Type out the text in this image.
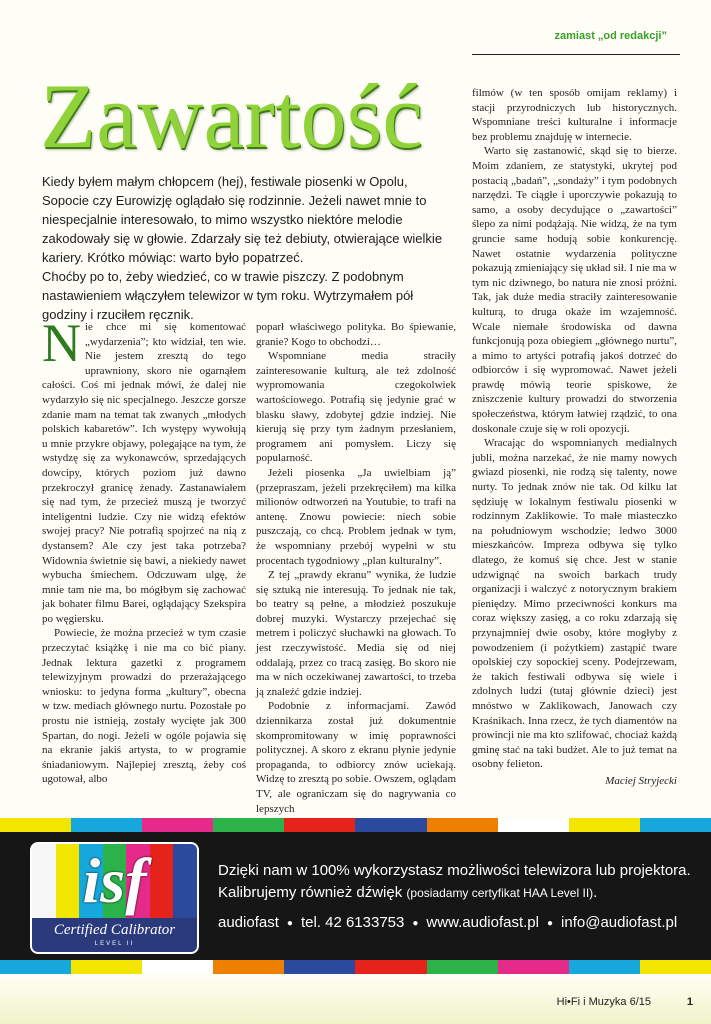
zamiast „od redakcji”
Zawartość

Kiedy byłem małym chłopcem (hej), festiwale piosenki w Opolu, Sopocie czy Eurowizję oglądało się rodzinnie. Jeżeli nawet mnie to niespecjalnie interesowało, to mimo wszystko niektóre melodie zakodowały się w głowie. Zdarzały się też debiuty, otwierające wielkie kariery. Krótko mówiąc: warto było popatrzeć.

Choćby po to, żeby wiedzieć, co w trawie piszczy. Z podobnym nastawieniem włączyłem telewizor w tym roku. Wytrzymałem pół godziny i rzuciłem ręcznik.

Nie chce mi się komentować „wydarzenia”; kto widział, ten wie. Nie jestem zresztą do tego uprawniony, skoro nie ogarnąłem całości. Coś mi jednak mówi, że dalej nie wydarzyło się nic specjalnego. Jeszcze gorsze zdanie mam na temat tak zwanych „młodych polskich kabaretów”. Ich występy wywołują u mnie przykre objawy, polegające na tym, że wstydzę się za wykonawców, sprzedających dowcipy, których poziom już dawno przekroczył granicę żenady. Zastanawiałem się nad tym, że przecież muszą je tworzyć inteligentni ludzie. Czy nie widzą efektów swojej pracy? Nie potrafią spojrzeć na nią z dystansem? Ale czy jest taka potrzeba? Widownia świetnie się bawi, a niekiedy nawet wybucha śmiechem. Odczuwam ulgę, że mnie tam nie ma, bo mógłbym się zachować jak bohater filmu Barei, oglądający Szekspira po węgiersku.

Powiecie, że można przecież w tym czasie przeczytać książkę i nie ma co bić piany. Jednak lektura gazetki z programem telewizyjnym prowadzi do przerażającego wniosku: to jedyna forma „kultury”, obecna w tzw. mediach głównego nurtu. Pozostałe po prostu nie istnieją, zostały wycięte jak 300 Spartan, do nogi. Jeżeli w ogóle pojawia się na ekranie jakiś artysta, to w programie śniadaniowym. Najlepiej zresztą, żeby coś ugotował, albo

poparł właściwego polityka. Bo śpiewanie, granie? Kogo to obchodzi…

Wspomniane media straciły zainteresowanie kulturą, ale też zdolność wypromowania czegokolwiek wartościowego. Potrafią się jedynie grać w blasku sławy, zdobytej gdzie indziej. Nie kierują się przy tym żadnym przesłaniem, programem ani pomysłem. Liczy się popularność.

Jeżeli piosenka „Ja uwielbiam ją” (przepraszam, jeżeli przekręciłem) ma kilka milionów odtworzeń na Youtubie, to trafi na antenę. Znowu powiecie: niech sobie puszczają, co chcą. Problem jednak w tym, że wspomniany przebój wypełni w stu procentach tygodniowy „plan kulturalny”.

Z tej „prawdy ekranu” wynika, że ludzie się sztuką nie interesują. To jednak nie tak, bo teatry są pełne, a młodzież poszukuje dobrej muzyki. Wystarczy przejechać się metrem i policzyć słuchawki na głowach. To jest rzeczywistość. Media się od niej oddalają, przez co tracą zasięg. Bo skoro nie ma w nich oczekiwanej zawartości, to trzeba ją znaleźć gdzie indziej.

Podobnie z informacjami. Zawód dziennikarza został już dokumentnie skompromitowany w imię poprawności politycznej. A skoro z ekranu płynie jedynie propaganda, to odbiorcy znów uciekają. Widzę to zresztą po sobie. Owszem, oglądam TV, ale ograniczam się do nagrywania co lepszych

filmów (w ten sposób omijam reklamy) i stacji przyrodniczych lub historycznych. Wspomniane treści kulturalne i informacje bez problemu znajduję w internecie.

Warto się zastanowić, skąd się to bierze. Moim zdaniem, ze statystyki, ukrytej pod postacią „badań”, „sondaży” i tym podobnych narzędzi. Te ciągłe i uporczywie pokazują to samo, a osoby decydujące o „zawartości” ślepo za nimi podążają. Nie widzą, że na tym gruncie same hodują sobie konkurencję. Nawet ostatnie wydarzenia polityczne pokazują zmieniający się układ sił. I nie ma w tym nic dziwnego, bo natura nie znosi próżni. Tak, jak duże media straciły zainteresowanie kulturą, to druga okaże im wzajemność. Wcale niemałe środowiska od dawna funkcjonują poza obiegiem „głównego nurtu”, a mimo to artyści potrafią jakoś dotrzeć do odbiorców i się wypromować. Nawet jeżeli prawdę mówią teorie spiskowe, że zniszczenie kultury prowadzi do stworzenia społeczeństwa, którym łatwiej rządzić, to ona doskonale czuje się w roli opozycji.

Wracając do wspomnianych medialnych jubli, można narzekać, że nie mamy nowych gwiazd piosenki, nie rodzą się talenty, nowe nurty. To jednak znów nie tak. Od kilku lat sędziuję w lokalnym festiwalu piosenki w rodzinnym Zaklikowie. To małe miasteczko na południowym wschodzie; ledwo 3000 mieszkańców. Impreza odbywa się tylko dlatego, że komuś się chce. Jest w stanie udzwignąć na swoich barkach trudy organizacji i walczyć z notorycznym brakiem pieniędzy. Mimo przeciwności konkurs ma coraz większy zasięg, a co roku zdarzają się przynajmniej dwie osoby, które mogłyby z powodzeniem (i pożytkiem) zastąpić tware opolskiej czy sopockiej sceny. Podejrzewam, że takich festiwali odbywa się wiele i zdolnych ludzi (tutaj głównie dzieci) jest mnóstwo w Zaklikowach, Janowach czy Kraśnikach. Inna rzecz, że tych diamentów na prowincji nie ma kto szlifować, chociaż każdą gminę stać na taki budżet. Ale to już temat na osobny felieton.

Maciej Stryjecki

isf
Certified Calibrator
LEVEL II
Dzięki nam w 100% wykorzystasz możliwości telewizora lub projektora.
Kalibrujemy również dźwięk (posiadamy certyfikat HAA Level II).
audiofast ● tel. 42 6133753 ● www.audiofast.pl ● info@audiofast.pl
Hi•Fi i Muzyka 6/15	1
